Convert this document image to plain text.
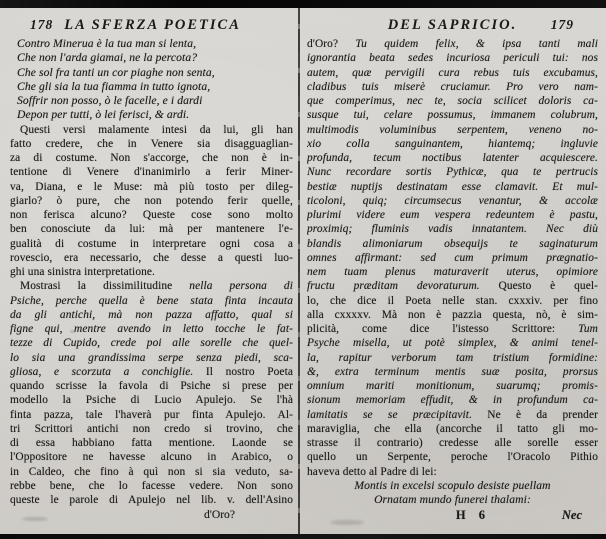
178 LA SFERZA POETICA
Contro Minerua è la tua man si lenta,
Che non l'arda giamai, ne la percota?
Che sol fra tanti un cor piaghe non senta,
Che gli sia la tua fiamma in tutto ignota,
Soffrir non posso, ò le facelle, e i dardi
Depon per tutti, ò lei ferisci, & ardi.
Questi versi malamente intesi da lui, gli han
fatto credere, che in Venere sia disagguaglian-
za di costume. Non s'accorge, che non è in-
tentione di Venere d'inanimirlo a ferir Miner-
va, Diana, e le Muse: mà più tosto per dileg-
giarlo? ò pure, che non potendo ferir quelle,
non ferisca alcuno? Queste cose sono molto
ben conosciute da lui: mà per mantenere l'e-
gualità di costume in interpretare ogni cosa a
rovescio, era necessario, che desse a questi luo-
ghi una sinistra interpretatione.
Mostrasi la dissimilitudine nella persona di
Psiche, perche quella è bene stata finta incauta
da gli antichi, mà non pazza affatto, qual si
figne qui, mentre avendo in letto tocche le fat-
tezze di Cupido, crede poi alle sorelle che quel-
lo sia una grandissima serpe senza piedi, sca-
gliosa, e scorzuta a conchiglie. Il nostro Poeta
quando scrisse la favola di Psiche si prese per
modello la Psiche di Lucio Apulejo. Se l'hà
finta pazza, tale l'haverà pur finta Apulejo. Al-
tri Scrittori antichi non credo si trovino, che
di essa habbiano fatta mentione. Laonde se
l'Oppositore ne havesse alcuno in Arabico, o
in Caldeo, che fino à quì non si sia veduto, sa-
rebbe bene, che lo facesse vedere. Non sono
queste le parole di Apulejo nel lib. v. dell'Asino
d'Oro?
DEL SAPRICIO. 179
d'Oro? Tu quidem felix, & ipsa tanti mali
ignorantia beata sedes incuriosa periculi tui: nos
autem, quæ pervigili cura rebus tuis excubamus,
cladibus tuis miserè cruciamur. Pro vero nam-
que comperimus, nec te, socia scilicet doloris ca-
susque tui, celare possumus, immanem colubrum,
multimodis voluminibus serpentem, veneno no-
xio colla sanguinantem, hiantemq; ingluvie
profunda, tecum noctibus latenter acquiescere.
Nunc recordare sortis Pythicæ, qua te pertrucis
bestiæ nuptijs destinatam esse clamavit. Et mul-
ticoloni, quiq; circumsecus venantur, & accolæ
plurimi videre eum vespera redeuntem è pastu,
proximiq; fluminis vadis innatantem. Nec diù
blandis alimoniarum obsequijs te saginaturum
omnes affirmant: sed cum primum prægnatio-
nem tuam plenus maturaverit uterus, opimiore
fructu præditam devoraturum. Questo è quel-
lo, che dice il Poeta nelle stan. cxxxiv. per fino
alla cxxxxv. Mà non è pazzia questa, nò, è sim-
plicità, come dice l'istesso Scrittore: Tum
Psyche misella, ut potè simplex, & animi tenel-
la, rapitur verborum tam tristium formidine:
&, extra terminum mentis suæ posita, prorsus
omnium mariti monitionum, suarumq; promis-
sionum memoriam effudit, & in profundum ca-
lamitatis se se præcipitavit. Ne è da prender
maraviglia, che ella (ancorche il tatto gli mo-
strasse il contrario) credesse alle sorelle esser
quello un Serpente, peroche l'Oracolo Pithio
haveva detto al Padre di lei:
Montis in excelsi scopulo desiste puellam
Ornatam mundo funerei thalami:
H 6	Nec
